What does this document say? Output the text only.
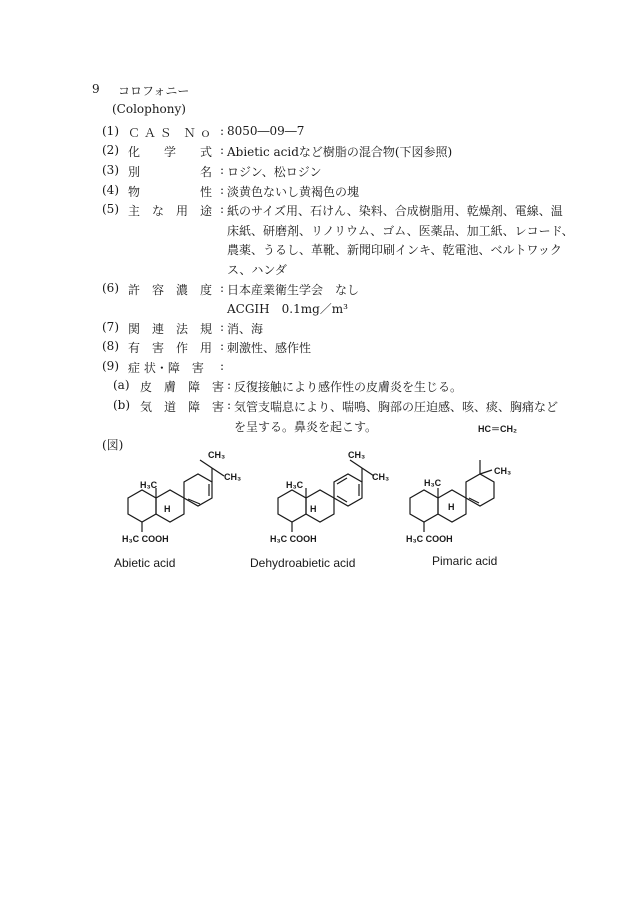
9 コロフォニー
(Colophony)
(1) Ｃ Ａ Ｓ　Ｎ ｏ : 8050―09―7
(2) 化　　学　　式 : Abietic acidなど樹脂の混合物(下図参照)
(3) 別　　　　　名 : ロジン、松ロジン
(4) 物　　　　　性 : 淡黄色ないし黄褐色の塊
(5) 主　な　用　途 : 紙のサイズ用、石けん、染料、合成樹脂用、乾燥剤、電線、温
床紙、研磨剤、リノリウム、ゴム、医薬品、加工紙、レコード、
農薬、うるし、革靴、新聞印刷インキ、乾電池、ベルトワック
ス、ハンダ
(6) 許　容　濃　度 : 日本産業衛生学会　なし
ACGIH　0.1mg／m³
(7) 関　連　法　規 : 消、海
(8) 有　害　作　用 : 刺激性、感作性
(9) 症 状・障　害 :
(a) 皮　膚　障　害 : 反復接触により感作性の皮膚炎を生じる。
(b) 気　道　障　害 : 気管支喘息により、喘鳴、胸部の圧迫感、咳、痰、胸痛など
を呈する。鼻炎を起こす。
(図)
CH₃
CH₃
H₃C
H
H₃C COOH
Abietic acid
CH₃
CH₃
H₃C
H
H₃C COOH
Dehydroabietic acid
HC＝CH₂
CH₃
H₃C
H
H₃C COOH
Pimaric acid
